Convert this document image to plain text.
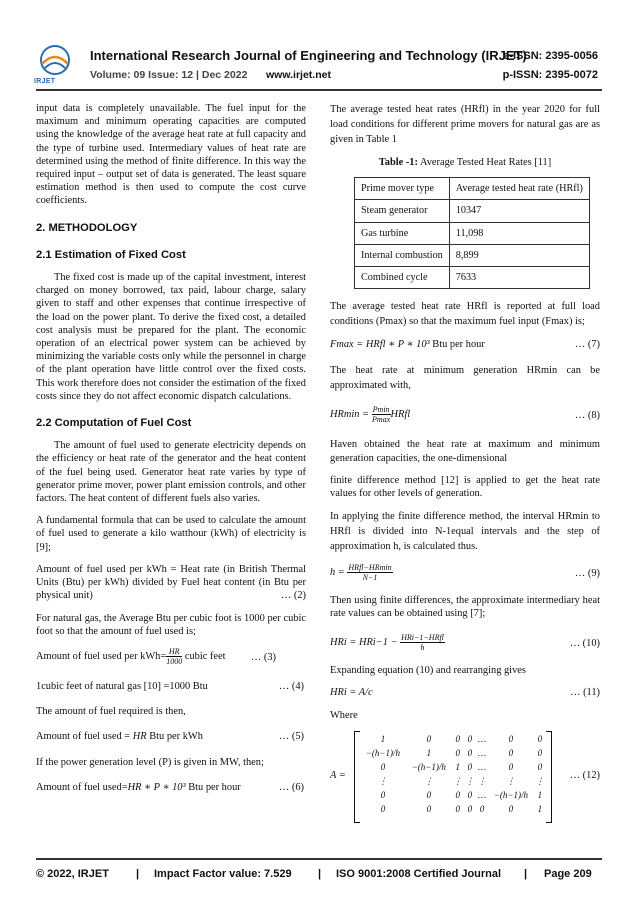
IRJET
International Research Journal of Engineering and Technology (IRJET)
e-ISSN: 2395-0056
Volume: 09 Issue: 12 | Dec 2022 www.irjet.net	p-ISSN: 2395-0072

input data is completely unavailable. The fuel input for the maximum and minimum operating capacities are computed using the knowledge of the average heat rate at full capacity and the type of turbine used. Intermediary values of heat rate are determined using the method of finite difference. In this way the required input – output set of data is generated. The least square estimation method is then used to compute the cost curve coefficients.

2. METHODOLOGY
2.1 Estimation of Fixed Cost

The fixed cost is made up of the capital investment, interest charged on money borrowed, tax paid, labour charge, salary given to staff and other expenses that continue irrespective of the load on the power plant. To derive the fixed cost, a detailed cost analysis must be prepared for the plant. The economic operation of an electrical power system can be achieved by minimizing the variable costs only while the personnel in charge of the plant operation have little control over the fixed costs. This work therefore does not consider the estimation of the fixed costs since they do not affect economic dispatch calculations.

2.2 Computation of Fuel Cost

The amount of fuel used to generate electricity depends on the efficiency or heat rate of the generator and the heat content of the fuel being used. Generator heat rate varies by type of generator prime mover, power plant emission controls, and other factors. The heat content of different fuels also varies.

A fundamental formula that can be used to calculate the amount of fuel used to generate a kilo watthour (kWh) of electricity is [9];

Amount of fuel used per kWh = Heat rate (in British Thermal Units (Btu) per kWh) divided by Fuel heat content (in Btu per physical unit)	… (2)

For natural gas, the Average Btu per cubic foot is 1000 per cubic foot so that the amount of fuel used is;

Amount of fuel used per $kWh= \frac{HR}{1000}$ cubic feet … (3)
1cubic feet of natural gas [10] =1000 Btu	… (4)

The amount of fuel required is then,

Amount of fuel used = HR Btu per kWh	… (5)

If the power generation level (P) is given in MW, then;

Amount of fuel used=HR ∗ P ∗ 10³ Btu per hour	… (6)

The average tested heat rates (HRfl) in the year 2020 for full load conditions for different prime movers for natural gas are as given in Table 1

Table -1: Average Tested Heat Rates [11]
Prime mover type	Average tested heat rate (HRfl)
Steam generator	10347
Gas turbine	11,098
Internal combustion	8,899
Combined cycle	7633

The average tested heat rate HRfl is reported at full load conditions (Pmax) so that the maximum fuel input (Fmax) is;

Fmax = HRfl ∗ P ∗ 10³ Btu per hour	… (7)

The heat rate at minimum generation HRmin can be approximated with,

$HRmin = \frac{Pmin}{Pmax}$ HRfl	… (8)

Haven obtained the heat rate at maximum and minimum generation capacities, the one-dimensional

finite difference method [12] is applied to get the heat rate values for other levels of generation.

In applying the finite difference method, the interval HRmin to HRfl is divided into N-1equal intervals and the step of approximation h, is calculated thus.

$h = \frac{\text{HRfl−HRmin}}{N-1}$	… (9)

Then using finite differences, the approximate intermediary heat rate values can be obtained using [7];

HRi = $HRi-1 - \frac{\text{HRi−1−HRfl}}{h}$	… (10)

Expanding equation (10) and rearranging gives

HRi = A/c	… (11)

Where

A =
1	0	0	0	…	0	0
−(h−1)/h	1	0	0	…	0	0
0	−(h−1)/h	1	0	…	0	0
⋮	⋮	⋮	⋮	⋮	⋮	⋮
0	0	0	0	…	−(h−1)/h	1
0	0	0	0	0	0	1
… (12)
© 2022, IRJET | Impact Factor value: 7.529 | ISO 9001:2008 Certified Journal | Page 209
